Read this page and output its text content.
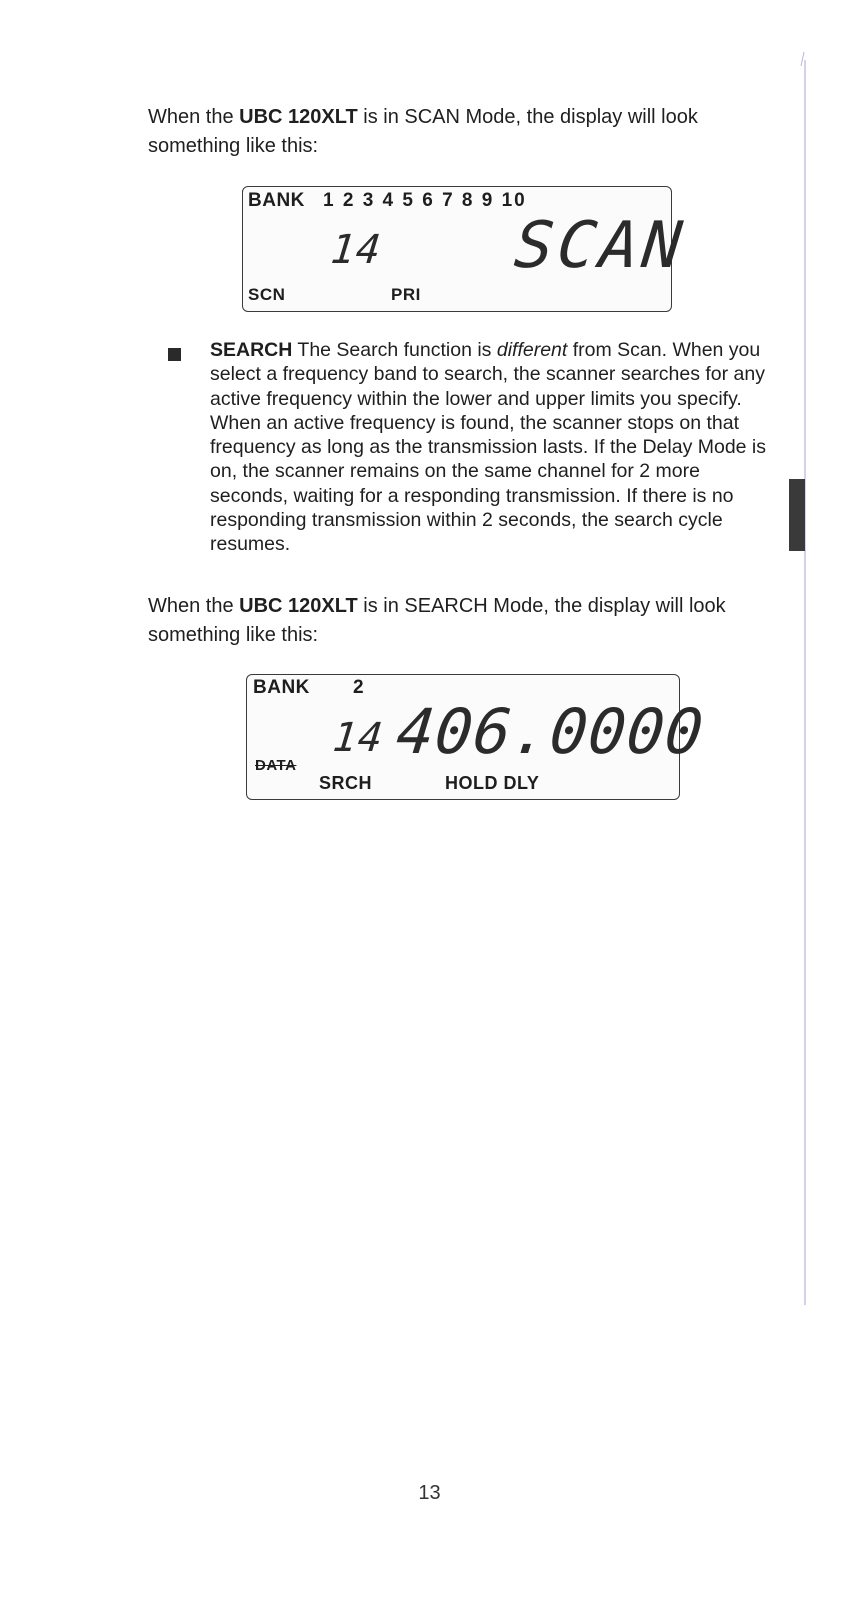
When the UBC 120XLT is in SCAN Mode, the display will look something like this:

BANK 1 2 3 4 5 6 7 8 9 10
14 SCAN
SCN	PRI

SEARCH The Search function is different from Scan. When you select a frequency band to search, the scanner searches for any active frequency within the lower and upper limits you specify. When an active frequency is found, the scanner stops on that frequency as long as the transmission lasts. If the Delay Mode is on, the scanner remains on the same channel for 2 more seconds, waiting for a responding transmission. If there is no responding transmission within 2 seconds, the search cycle resumes.

When the UBC 120XLT is in SEARCH Mode, the display will look something like this:

BANK 2
14 406.0000
DATA
SRCH	HOLD DLY
13
